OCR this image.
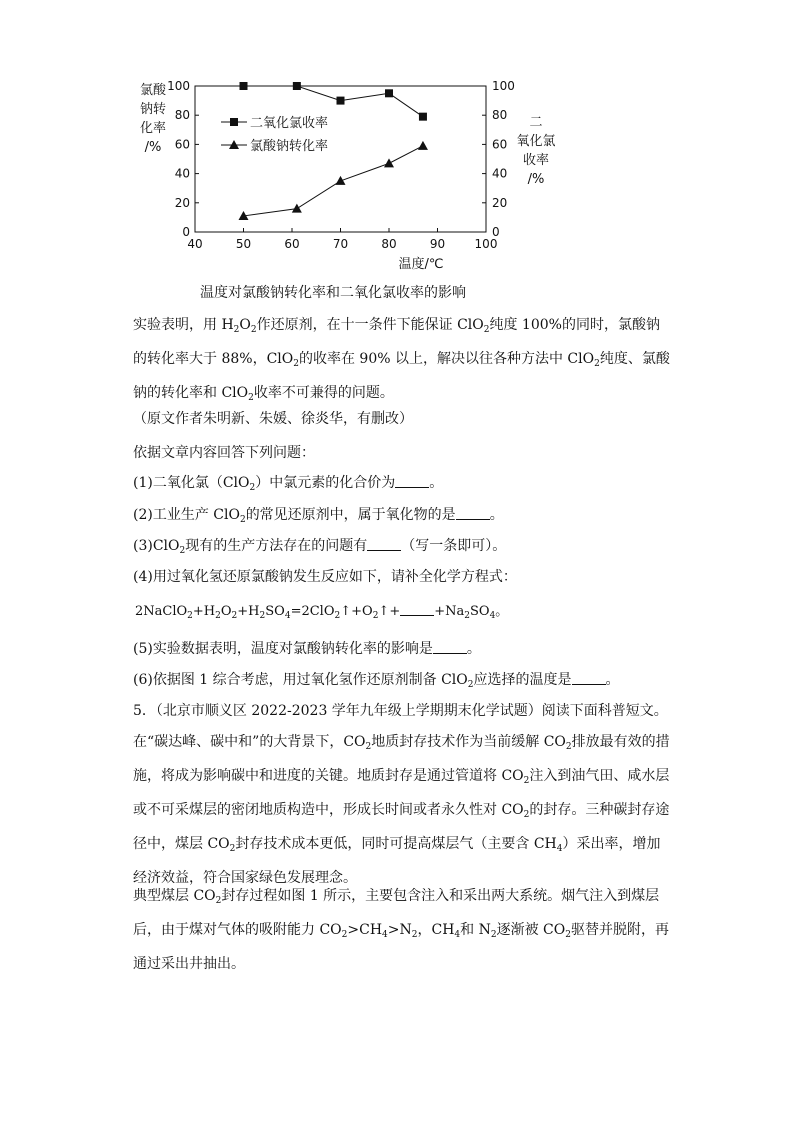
40	50	60	70	80	90 100
0	0
20	20
40	40
60	60
80	80
100	100
温度/℃
氯酸
钠转
化率
/%
二
氧化氯
收率
/%
二氧化氯收率
氯酸钠转化率
温度对氯酸钠转化率和二氧化氯收率的影响

实验表明，用 $H_2O_2$作还原剂，在十一条件下能保证 ClO$_2$纯度 100%的同时，氯酸钠的转化率大于 88%，ClO$_2$的收率在 90% 以上，解决以往各种方法中 ClO$_2$纯度、氯酸钠的转化率和 ClO$_2$收率不可兼得的问题。

（原文作者朱明新、朱媛、徐炎华，有删改）
依据文章内容回答下列问题：
(1)二氧化氯（ClO$_2$）中氯元素的化合价为 。
(2)工业生产 ClO$_2$的常见还原剂中，属于氧化物的是 。
(3)ClO$_2$现有的生产方法存在的问题有 （写一条即可）。
(4)用过氧化氢还原氯酸钠发生反应如下，请补全化学方程式：
$2NaClO_2+H_2O_2+H_2SO_4=2ClO_2↑+O_2↑+$	$+Na_2SO_4$。
(5)实验数据表明，温度对氯酸钠转化率的影响是 。
(6)依据图 1 综合考虑，用过氧化氢作还原剂制备 ClO$_2$应选择的温度是 。
5．（北京市顺义区 2022-2023 学年九年级上学期期末化学试题）阅读下面科普短文。

在“碳达峰、碳中和”的大背景下，$CO_2$地质封存技术作为当前缓解 $CO_2$排放最有效的措施，将成为影响碳中和进度的关键。地质封存是通过管道将 $CO_2$注入到油气田、咸水层或不可采煤层的密闭地质构造中，形成长时间或者永久性对 $CO_2$的封存。三种碳封存途径中，煤层 $CO_2$封存技术成本更低，同时可提高煤层气（主要含 $CH_4$）采出率，增加经济效益，符合国家绿色发展理念。

典型煤层 $CO_2$封存过程如图 1 所示，主要包含注入和采出两大系统。烟气注入到煤层后，由于煤对气体的吸附能力 $CO_2>CH_4>N_2$，$CH_4$和 $N_2$逐渐被 $CO_2$驱替并脱附，再通过采出井抽出。
